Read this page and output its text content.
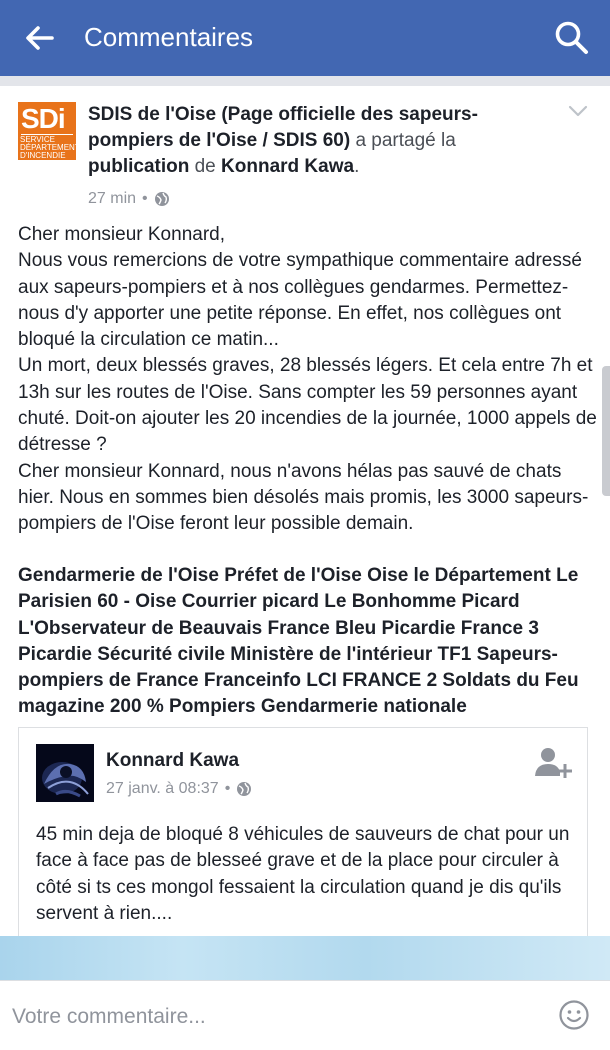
Commentaires
SDi
SERVICE DÉPARTEMENTAL D'INCENDIE
SDIS de l'Oise (Page officielle des sapeurs-pompiers de l'Oise / SDIS 60) a partagé la publication de Konnard Kawa.
27 min •
Cher monsieur Konnard,
Nous vous remercions de votre sympathique commentaire adressé aux sapeurs-pompiers et à nos collègues gendarmes. Permettez-nous d'y apporter une petite réponse. En effet, nos collègues ont bloqué la circulation ce matin...
Un mort, deux blessés graves, 28 blessés légers. Et cela entre 7h et 13h sur les routes de l'Oise. Sans compter les 59 personnes ayant chuté. Doit-on ajouter les 20 incendies de la journée, 1000 appels de détresse ?
Cher monsieur Konnard, nous n'avons hélas pas sauvé de chats hier. Nous en sommes bien désolés mais promis, les 3000 sapeurs-pompiers de l'Oise feront leur possible demain.
Gendarmerie de l'Oise Préfet de l'Oise Oise le Département Le Parisien 60 - Oise Courrier picard Le Bonhomme Picard L'Observateur de Beauvais France Bleu Picardie France 3 Picardie Sécurité civile Ministère de l'intérieur TF1 Sapeurs-pompiers de France Franceinfo LCI FRANCE 2 Soldats du Feu magazine 200 % Pompiers Gendarmerie nationale
Konnard Kawa
27 janv. à 08:37 •
45 min deja de bloqué 8 véhicules de sauveurs de chat pour un face à face pas de blesseé grave et de la place pour circuler à côté si ts ces mongol fessaient la circulation quand je dis qu'ils servent à rien....
Votre commentaire...
